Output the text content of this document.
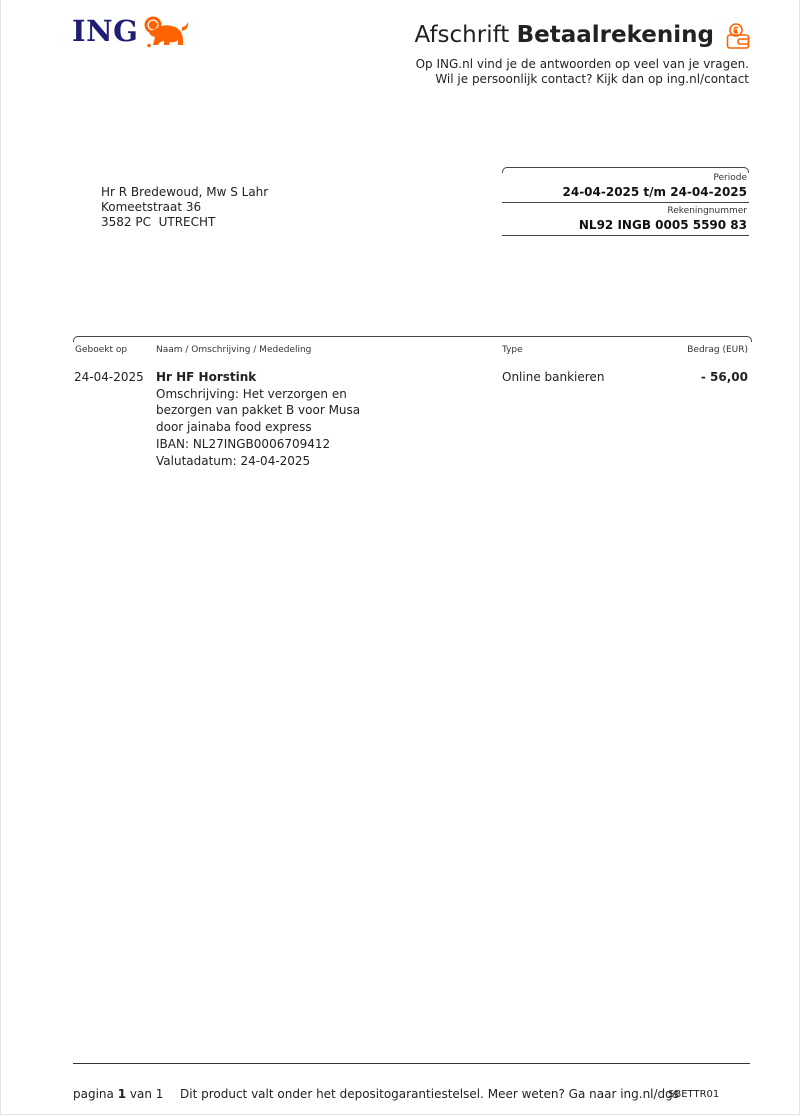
ING	Afschrift Betaalrekening
Op ING.nl vind je de antwoorden op veel van je vragen.
Wil je persoonlijk contact? Kijk dan op ing.nl/contact
Hr R Bredewoud, Mw S Lahr
Komeetstraat 36
3582 PC  UTRECHT
Periode
24-04-2025 t/m 24-04-2025
Rekeningnummer
NL92 INGB 0005 5590 83
Geboekt op	Naam / Omschrijving / Mededeling	Type	Bedrag (EUR)
24-04-2025 Hr HF Horstink
Omschrijving: Het verzorgen en
bezorgen van pakket B voor Musa
door jainaba food express
IBAN: NL27INGB0006709412
Valutadatum: 24-04-2025
Online bankieren	- 56,00
pagina 1 van 1 Dit product valt onder het depositogarantiestelsel. Meer weten? Ga naar ing.nl/dgs
SBETTR01
